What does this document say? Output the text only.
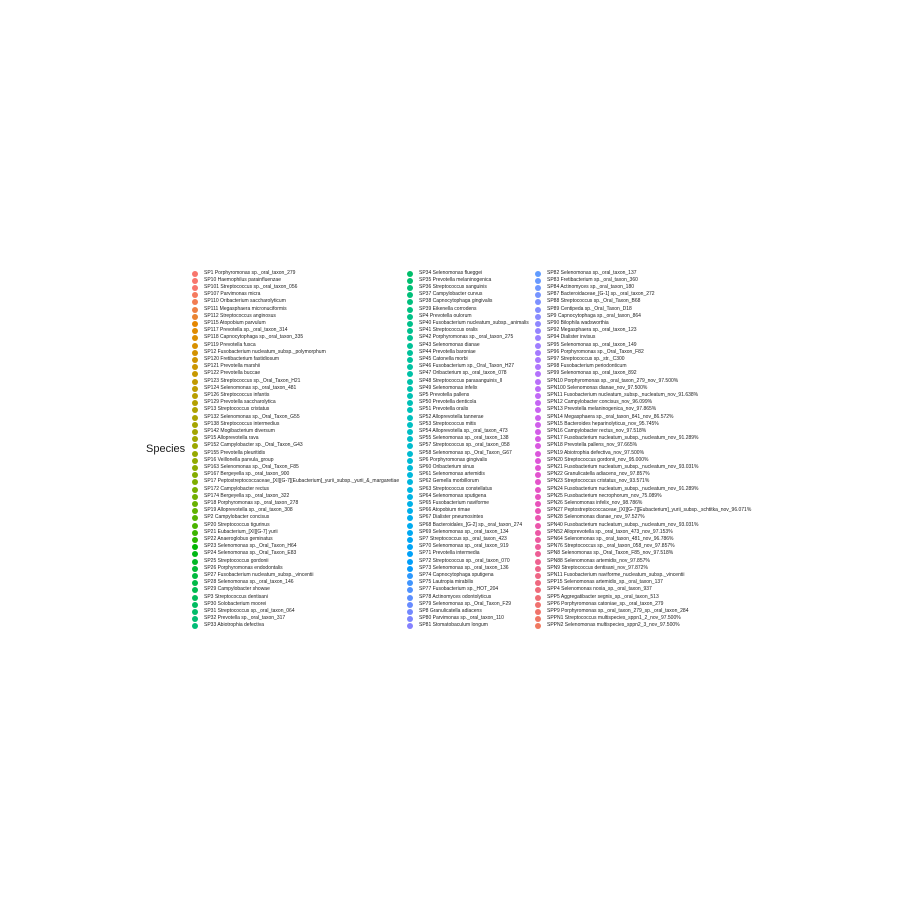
Species
SP1 Porphyromonas sp._oral_taxon_279
SP10 Haemophilus parainfluenzae
SP101 Streptococcus sp._oral_taxon_056
SP107 Parvimonas micra
SP110 Oribacterium saccharolyticum
SP111 Megasphaera micronuciformis
SP112 Streptococcus anginosus
SP115 Atopobium parvulum
SP117 Prevotella sp._oral_taxon_314
SP118 Capnocytophaga sp._oral_taxon_335
SP119 Prevotella fusca
SP12 Fusobacterium nucleatum_subsp._polymorphum
SP120 Fretibacterium fastidiosum
SP121 Prevotella marshii
SP122 Prevotella buccae
SP123 Streptococcus sp._Oral_Taxon_H21
SP124 Selenomonas sp._oral_taxon_481
SP126 Streptococcus infantis
SP129 Prevotella saccharolytica
SP13 Streptococcus cristatus
SP132 Selenomonas sp._Oral_Taxon_G55
SP138 Streptococcus intermedius
SP142 Mogibacterium diversum
SP15 Alloprevotella rava
SP152 Campylobacter sp._Oral_Taxon_G43
SP155 Prevotella pleuritidis
SP16 Veillonella parvula_group
SP163 Selenomonas sp._Oral_Taxon_F85
SP167 Bergeyella sp._oral_taxon_900
SP17 Peptostreptococcaceae_[XI][G-7][Eubacterium]_yurii_subsp._yurii_&_margaretiae
SP172 Campylobacter rectus
SP174 Bergeyella sp._oral_taxon_322
SP18 Porphyromonas sp._oral_taxon_278
SP19 Alloprevotella sp._oral_taxon_308
SP2 Campylobacter concisus
SP20 Streptococcus tigurinus
SP21 Eubacterium_[XI][G-7] yurii
SP22 Anaeroglobus geminatus
SP23 Selenomonas sp._Oral_Taxon_H64
SP24 Selenomonas sp._Oral_Taxon_E83
SP25 Streptococcus gordonii
SP26 Porphyromonas endodontalis
SP27 Fusobacterium nucleatum_subsp._vincentii
SP28 Selenomonas sp._oral_taxon_146
SP29 Campylobacter showae
SP3 Streptococcus dentisani
SP30 Solobacterium moorei
SP31 Streptococcus sp._oral_taxon_064
SP32 Prevotella sp._oral_taxon_317
SP33 Abiotrophia defectiva
SP34 Selenomonas flueggei
SP35 Prevotella melaninogenica
SP36 Streptococcus sanguinis
SP37 Campylobacter curvus
SP38 Capnocytophaga gingivalis
SP39 Eikenella corrodens
SP4 Prevotella oulorum
SP40 Fusobacterium nucleatum_subsp._animalis
SP41 Streptococcus oralis
SP42 Porphyromonas sp._oral_taxon_275
SP43 Selenomonas dianae
SP44 Prevotella baroniae
SP45 Catonella morbi
SP46 Fusobacterium sp._Oral_Taxon_H27
SP47 Oribacterium sp._oral_taxon_078
SP48 Streptococcus parasanguinis_II
SP49 Selenomonas infelix
SP5 Prevotella pallens
SP50 Prevotella denticola
SP51 Prevotella oralis
SP52 Alloprevotella tannerae
SP53 Streptococcus mitis
SP54 Alloprevotella sp._oral_taxon_473
SP55 Selenomonas sp._oral_taxon_138
SP57 Streptococcus sp._oral_taxon_058
SP58 Selenomonas sp._Oral_Taxon_G67
SP6 Porphyromonas gingivalis
SP60 Oribacterium sinus
SP61 Selenomonas artemidis
SP62 Gemella morbillorum
SP63 Streptococcus constellatus
SP64 Selenomonas sputigena
SP65 Fusobacterium naviforme
SP66 Atopobium rimae
SP67 Dialister pneumosintes
SP68 Bacteroidales_[G-2] sp._oral_taxon_274
SP69 Selenomonas sp._oral_taxon_134
SP7 Streptococcus sp._oral_taxon_423
SP70 Selenomonas sp._oral_taxon_919
SP71 Prevotella intermedia
SP72 Streptococcus sp._oral_taxon_070
SP73 Selenomonas sp._oral_taxon_136
SP74 Capnocytophaga sputigena
SP75 Lautropia mirabilis
SP77 Fusobacterium sp._HOT_204
SP78 Actinomyces odontolyticus
SP79 Selenomonas sp._Oral_Taxon_F29
SP8 Granulicatella adiacens
SP80 Parvimonas sp._oral_taxon_110
SP81 Stomatobaculum longum
SP82 Selenomonas sp._oral_taxon_137
SP83 Fretibacterium sp._oral_taxon_360
SP84 Actinomyces sp._oral_taxon_180
SP87 Bacteroidaceae_[G-1] sp._oral_taxon_272
SP88 Streptococcus sp._Oral_Taxon_B68
SP89 Centipeda sp._Oral_Taxon_D18
SP9 Capnocytophaga sp._oral_taxon_864
SP90 Bilophila wadsworthia
SP92 Megasphaera sp._oral_taxon_123
SP94 Dialister invisus
SP95 Selenomonas sp._oral_taxon_149
SP96 Porphyromonas sp._Oral_Taxon_F82
SP97 Streptococcus sp._str._C300
SP98 Fusobacterium periodonticum
SP99 Selenomonas sp._oral_taxon_892
SPN10 Porphyromonas sp._oral_taxon_279_nov_97.500%
SPN100 Selenomonas dianae_nov_97.500%
SPN11 Fusobacterium nucleatum_subsp._nucleatum_nov_91.638%
SPN12 Campylobacter concisus_nov_96.099%
SPN13 Prevotella melaninogenica_nov_97.865%
SPN14 Megasphaera sp._oral_taxon_841_nov_86.572%
SPN15 Bacteroides heparinolyticus_nov_95.745%
SPN16 Campylobacter rectus_nov_97.518%
SPN17 Fusobacterium nucleatum_subsp._nucleatum_nov_91.289%
SPN18 Prevotella pallens_nov_97.665%
SPN19 Abiotrophia defectiva_nov_97.500%
SPN20 Streptococcus gordonii_nov_95.000%
SPN21 Fusobacterium nucleatum_subsp._nucleatum_nov_93.031%
SPN22 Granulicatella adiacens_nov_97.857%
SPN23 Streptococcus cristatus_nov_93.571%
SPN24 Fusobacterium nucleatum_subsp._nucleatum_nov_91.289%
SPN25 Fusobacterium necrophorum_nov_75.089%
SPN26 Selenomonas infelix_nov_98.786%
SPN27 Peptostreptococcaceae_[XI][G-7][Eubacterium]_yurii_subsp._schtitka_nov_96.071%
SPN28 Selenomonas dianae_nov_97.527%
SPN40 Fusobacterium nucleatum_subsp._nucleatum_nov_93.031%
SPN52 Alloprevotella sp._oral_taxon_473_nov_97.153%
SPN64 Selenomonas sp._oral_taxon_481_nov_96.786%
SPN76 Streptococcus sp._oral_taxon_058_nov_97.857%
SPN8 Selenomonas sp._Oral_Taxon_F85_nov_97.518%
SPN88 Selenomonas artemidis_nov_97.857%
SPN9 Streptococcus dentisani_nov_97.872%
SPN11 Fusobacterium naviforme_nucleatum_subsp._vincentii
SPP15 Selenomonas artemidis_sp._oral_taxon_137
SPP4 Selenomonas noxia_sp._oral_taxon_937
SPP5 Aggregatibacter segnis_sp._oral_taxon_513
SPP6 Porphyromonas catoniae_sp._oral_taxon_279
SPP9 Porphyromonas sp._oral_taxon_279_sp._oral_taxon_284
SPPN1 Streptococcus multispecies_sppn1_2_nov_97.500%
SPPN2 Selenomonas multispecies_sppn2_3_nov_97.500%
